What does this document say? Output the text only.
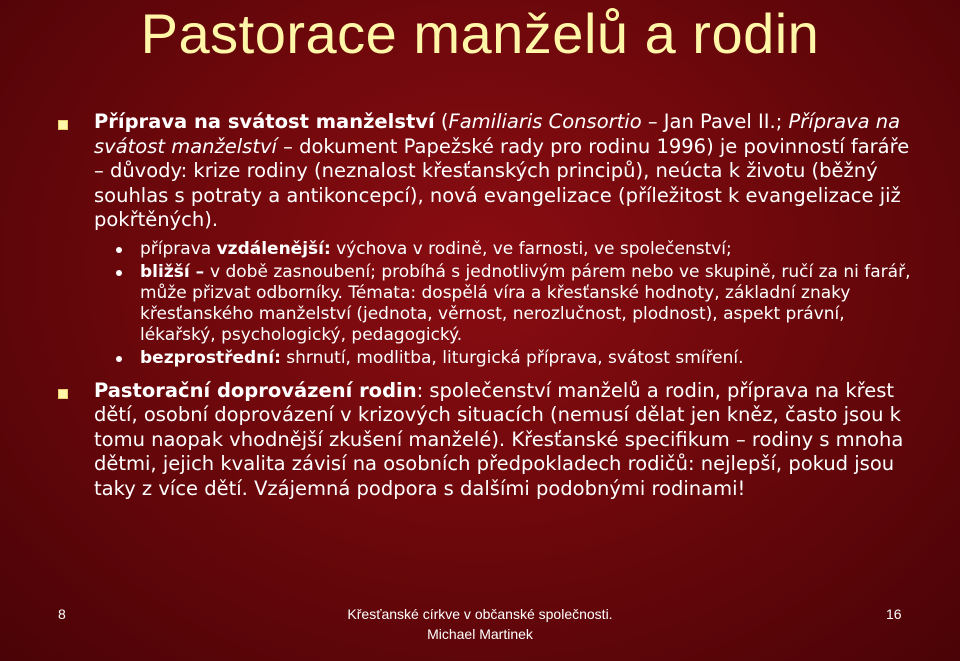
Pastorace manželů a rodin
Příprava na svátost manželství (Familiaris Consortio – Jan Pavel II.; Příprava na svátost manželství – dokument Papežské rady pro rodinu 1996) je povinností faráře – důvody: krize rodiny (neznalost křesťanských principů), neúcta k životu (běžný souhlas s potraty a antikoncepcí), nová evangelizace (příležitost k evangelizace již pokřtěných).
příprava vzdálenější: výchova v rodině, ve farnosti, ve společenství;
bližší – v době zasnoubení; probíhá s jednotlivým párem nebo ve skupině, ručí za ni farář, může přizvat odborníky. Témata: dospělá víra a křesťanské hodnoty, základní znaky křesťanského manželství (jednota, věrnost, nerozlučnost, plodnost), aspekt právní, lékařský, psychologický, pedagogický.
bezprostřední: shrnutí, modlitba, liturgická příprava, svátost smíření.
Pastorační doprovázení rodin: společenství manželů a rodin, příprava na křest dětí, osobní doprovázení v krizových situacích (nemusí dělat jen kněz, často jsou k tomu naopak vhodnější zkušení manželé). Křesťanské specifikum – rodiny s mnoha dětmi, jejich kvalita závisí na osobních předpokladech rodičů: nejlepší, pokud jsou taky z více dětí. Vzájemná podpora s dalšími podobnými rodinami!
8	Křesťanské církve v občanské společnosti.
Michael Martinek
16
